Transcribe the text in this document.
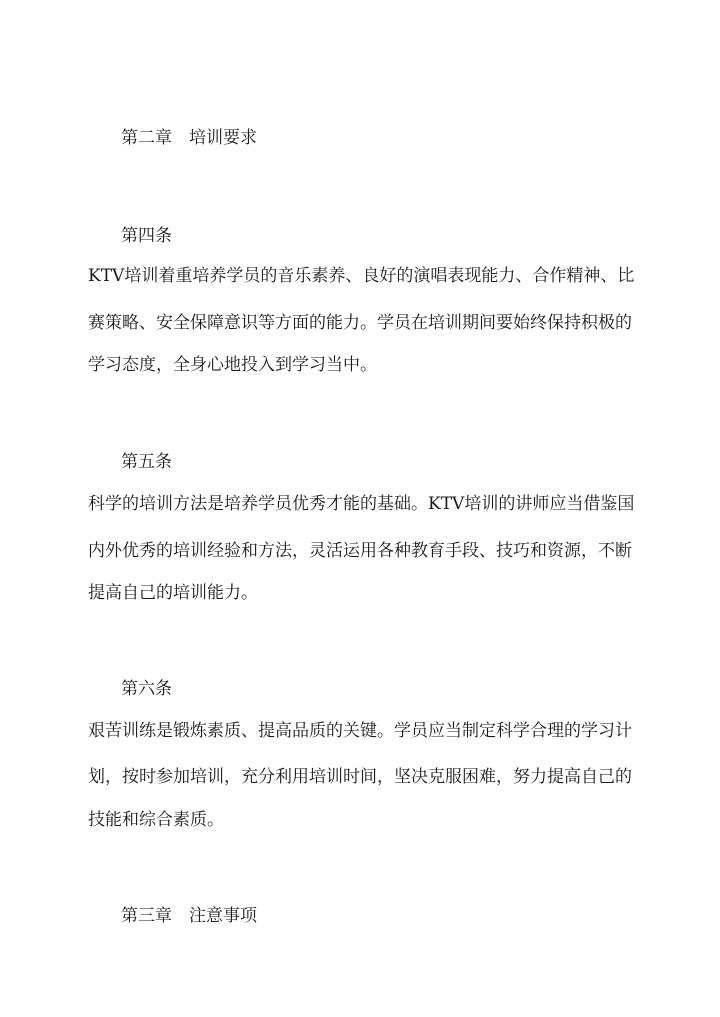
第二章　培训要求
第四条
KTV培训着重培养学员的音乐素养、良好的演唱表现能力、合作精神、比
赛策略、安全保障意识等方面的能力。学员在培训期间要始终保持积极的
学习态度，全身心地投入到学习当中。
第五条
科学的培训方法是培养学员优秀才能的基础。KTV培训的讲师应当借鉴国
内外优秀的培训经验和方法，灵活运用各种教育手段、技巧和资源，不断
提高自己的培训能力。
第六条
艰苦训练是锻炼素质、提高品质的关键。学员应当制定科学合理的学习计
划，按时参加培训，充分利用培训时间，坚决克服困难，努力提高自己的
技能和综合素质。
第三章　注意事项
